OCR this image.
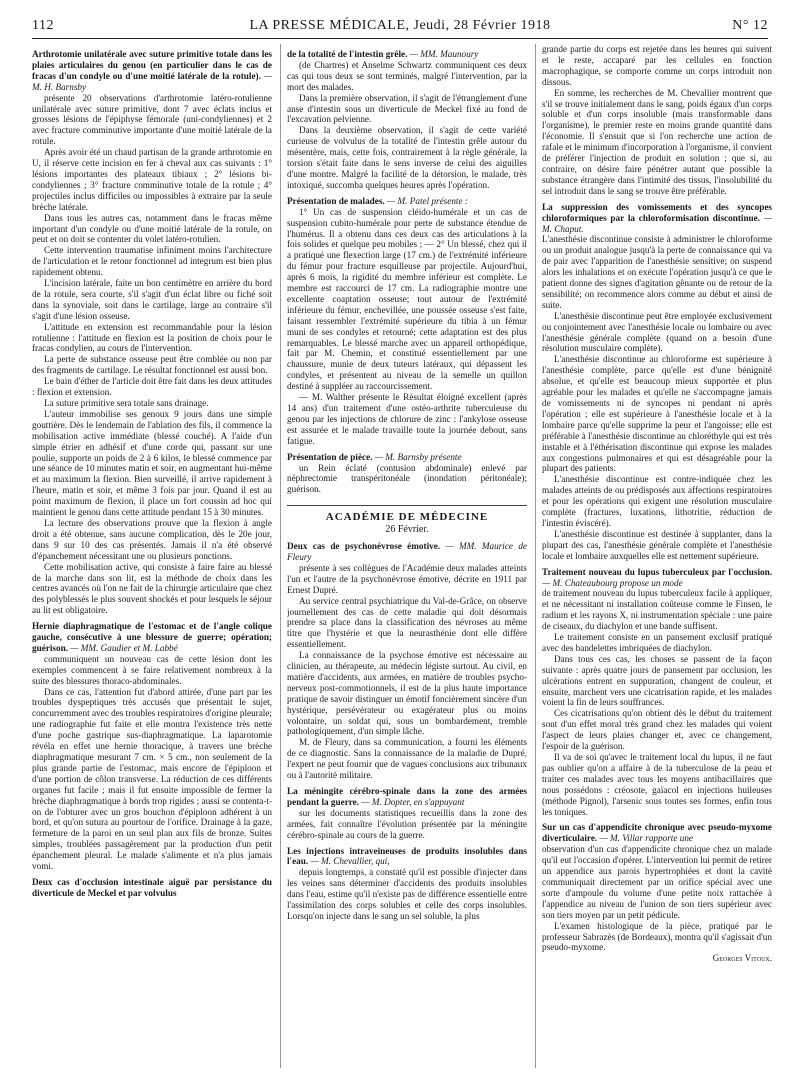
112	LA PRESSE MÉDICALE, Jeudi, 28 Février 1918	N° 12

Arthrotomie unilatérale avec suture primitive totale dans les plaies articulaires du genou (en particulier dans le cas de fracas d'un condyle ou d'une moitié latérale de la rotule). — M. H. Barnsby

présente 20 observations d'arthrotomie latéro-rotulienne unilatérale avec suture primitive, dont 7 avec éclats inclus et grosses lésions de l'épiphyse fémorale (uni-condyliennes) et 2 avec fracture comminutive importante d'une moitié latérale de la rotule.

Après avoir été un chaud partisan de la grande arthrotomie en U, il réserve cette incision en fer à cheval aux cas suivants : 1° lésions importantes des plateaux tibiaux ; 2° lésions bi-condyliennes ; 3° fracture comminutive totale de la rotule ; 4° projectiles inclus difficiles ou impossibles à extraire par la seule brèche latérale.

Dans tous les autres cas, notamment dans le fracas même important d'un condyle ou d'une moitié latérale de la rotule, on peut et on doit se contenter du volet latéro-rotulien.

Cette intervention traumatise infiniment moins l'architecture de l'articulation et le retour fonctionnel ad integrum est bien plus rapidement obtenu.

L'incision latérale, faite un bon centimètre en arrière du bord de la rotule, sera courte, s'il s'agit d'un éclat libre ou fiché soit dans la synoviale, soit dans le cartilage, large au contraire s'il s'agit d'une lésion osseuse.

L'attitude en extension est recommandable pour la lésion rotulienne : l'attitude en flexion est la position de choix pour le fracas condylien, au cours de l'intervention.

La perte de substance osseuse peut être comblée ou non par des fragments de cartilage. Le résultat fonctionnel est aussi bon.

Le bain d'éther de l'article doit être fait dans les deux attitudes : flexion et extension.

La suture primitive sera totale sans drainage.

L'auteur immobilise ses genoux 9 jours dans une simple gouttière. Dès le lendemain de l'ablation des fils, il commence la mobilisation active immédiate (blessé couché). A l'aide d'un simple étrier en adhésif et d'une corde qui, passant sur une poulie, supporte un poids de 2 à 6 kilos, le blessé commence par une séance de 10 minutes matin et soir, en augmentant hui-même et au maximum la flexion. Bien surveillé, il arrive rapidement à l'heure, matin et soir, et même 3 fois par jour. Quand il est au point maximum de flexion, il place un fort coussin ad hoc qui maintient le genou dans cette attitude pendant 15 à 30 minutes.

La lecture des observations prouve que la flexion à angle droit a été obtenue, sans aucune complication, dès le 20e jour, dans 9 sur 10 des cas présentés. Jamais il n'a été observé d'épanchement nécessitant une ou plusieurs ponctions.

Cette mobilisation active, qui consiste à faire faire au blessé de la marche dans son lit, est la méthode de choix dans les centres avancés où l'on ne fait de la chirurgie articulaire que chez des polyblessés le plus souvent shockés et pour lesquels le séjour au lit est obligatoire.

Hernie diaphragmatique de l'estomac et de l'angle colique gauche, consécutive à une blessure de guerre; opération; guérison. — MM. Gaudier et M. Labbé

communiquent un nouveau cas de cette lésion dont les exemples commencent à se faire relativement nombreux à la suite des blessures thoraco-abdominales.

Dans ce cas, l'attention fut d'abord attirée, d'une part par les troubles dyspeptiques très accusés que présentait le sujet, concurremment avec des troubles respiratoires d'origine pleurale; une radiographie fut faite et elle montra l'existence très nette d'une poche gastrique sus-diaphragmatique. La laparotomie révéla en effet une hernie thoracique, à travers une brèche diaphragmatique mesurant 7 cm. × 5 cm., non seulement de la plus grande partie de l'estomac, mais encore de l'épiploon et d'une portion de côlon transverse. La réduction de ces différents organes fut facile ; mais il fut ensuite impossible de fermer la brèche diaphragmatique à bords trop rigides ; aussi se contenta-t-on de l'obturer avec un gros bouchon d'épiploon adhérent à un bord, et qu'on sutura au pourtour de l'orifice. Drainage à la gaze, fermeture de la paroi en un seul plan aux fils de bronze. Suites simples, troublées passagèrement par la production d'un petit épanchement pleural. Le malade s'alimente et n'a plus jamais vomi.

Deux cas d'occlusion intestinale aiguë par persistance du diverticule de Meckel et par volvulus

de la totalité de l'intestin grêle. — MM. Maunoury

(de Chartres) et Anselme Schwartz communiquent ces deux cas qui tous deux se sont terminés, malgré l'intervention, par la mort des malades.

Dans la première observation, il s'agit de l'étranglement d'une anse d'intestin sous un diverticule de Meckel fixé au fond de l'excavation pelvienne.

Dans la deuxième observation, il s'agit de cette variété curieuse de volvulus de la totalité de l'intestin grêle autour du mésentère, mais, cette fois, contrairement à la règle générale, la torsion s'était faite dans le sens inverse de celui des aiguilles d'une montre. Malgré la facilité de la détorsion, le malade, très intoxiqué, succomba quelques heures après l'opération.

Présentation de malades. — M. Patel présente :

1° Un cas de suspension cléido-humérale et un cas de suspension cubito-humérale pour perte de substance étendue de l'humérus. Il a obtenu dans ces deux cas des articulations à la fois solides et quelque peu mobiles ; — 2° Un blessé, chez qui il a pratiqué une flexection large (17 cm.) de l'extrémité inférieure du fémur pour fracture esquilleuse par projectile. Aujourd'hui, après 6 mois, la rigidité du membre inférieur est complète. Le membre est raccourci de 17 cm. La radiographie montre une excellente coaptation osseuse; tout autour de l'extrémité inférieure du fémur, enchevillée, une poussée osseuse s'est faite, faisant ressembler l'extrémité supérieure du tibia à un fémur muni de ses condyles et retourné; cette adaptation est des plus remarquables. Le blessé marche avec un appareil orthopédique, fait par M. Chemin, et constitué essentiellement par une chaussure, munie de deux tuteurs latéraux, qui dépassent les condyles, et présentent au niveau de la semelle un quillon destiné à suppléer au raccourcissement.

— M. Walther présente le Résultat éloigné excellent (après 14 ans) d'un traitement d'une ostéo-arthrite tuberculeuse du genou par les injections de chlorure de zinc : l'ankylose osseuse est assurée et le malade travaille toute la journée debout, sans fatigue.

Présentation de pièce. — M. Barnsby présente

un Rein éclaté (contusion abdominale) enlevé par néphrectomie transpéritonéale (inondation péritonéale); guérison.

ACADÉMIE DE MÉDECINE
26 Février.

Deux cas de psychonévrose émotive. — MM. Maurice de Fleury

présente à ses collègues de l'Académie deux malades atteints l'un et l'autre de la psychonévrose émotive, décrite en 1911 par Ernest Dupré.

Au service central psychiatrique du Val-de-Grâce, on observe journellement des cas de cette maladie qui doit désormais prendre sa place dans la classification des névroses au même titre que l'hystérie et que la neurasthénie dont elle diffère essentiellement.

La connaissance de la psychose émotive est nécessaire au clinicien, au thérapeute, au médecin légiste surtout. Au civil, en matière d'accidents, aux armées, en matière de troubles psycho-nerveux post-commotionnels, il est de la plus haute importance pratique de savoir distinguer un émotif foncièrement sincère d'un hystérique, persévérateur ou exagérateur plus ou moins volontaire, un soldat qui, sous un bombardement, tremble pathologiquement, d'un simple lâche.

M. de Fleury, dans sa communication, a fourni les éléments de ce diagnostic. Sans la connaissance de la maladie de Dupré, l'expert ne peut fournir que de vagues conclusions aux tribunaux ou à l'autorité militaire.

La méningite cérébro-spinale dans la zone des armées pendant la guerre. — M. Dopter, en s'appuyant

sur les documents statistiques recueillis dans la zone des armées, fait connaître l'évolution présentée par la méningite cérébro-spinale au cours de la guerre.

Les injections intraveineuses de produits insolubles dans l'eau. — M. Chevallier, qui,

depuis longtemps, a constaté qu'il est possible d'injecter dans les veines sans déterminer d'accidents des produits insolubles dans l'eau, estime qu'il n'existe pas de différence essentielle entre l'assimilation des corps solubles et celle des corps insolubles. Lorsqu'on injecte dans le sang un sel soluble, la plus

grande partie du corps est rejetée dans les heures qui suivent et le reste, accaparé par les cellules en fonction macrophagique, se comporte comme un corps introduit non dissous.

En somme, les recherches de M. Chevallier montrent que s'il se trouve initialement dans le sang, poids égaux d'un corps soluble et d'un corps insoluble (mais transformable dans l'organisme), le premier reste en moins grande quantité dans l'économie. Il s'ensuit que si l'on recherche une action de rafale et le minimum d'incorporation à l'organisme, il convient de préférer l'injection de produit en solution ; que si, au contraire, on désire faire pénétrer autant que possible la substance étrangère dans l'intimité des tissus, l'insolubilité du sel introduit dans le sang se trouve être préférable.

La suppression des vomissements et des syncopes chloroformiques par la chloroformisation discontinue. — M. Chaput.

L'anesthésie discontinue consiste à administrer le chloroforme ou un produit analogue jusqu'à la perte de connaissance qui va de pair avec l'apparition de l'anesthésie sensitive; on suspend alors les inhalations et on exécute l'opération jusqu'à ce que le patient donne des signes d'agitation gênante ou de retour de la sensibilité; on recommence alors comme au début et ainsi de suite.

L'anesthésie discontinue peut être employée exclusivement ou conjointement avec l'anesthésie locale ou lombaire ou avec l'anesthésie générale complète (quand on a besoin d'une résolution musculaire complète).

L'anesthésie discontinue au chloroforme est supérieure à l'anesthésie complète, parce qu'elle est d'une bénignité absolue, et qu'elle est beaucoup mieux supportée et plus agréable pour les malades et qu'elle ne s'accompagne jamais de vomissements ni de syncopes ni pendant ni après l'opération ; elle est supérieure à l'anesthésie locale et à la lombaire parce qu'elle supprime la peur et l'angoisse; elle est préférable à l'anesthésie discontinue au chloréthyle qui est très instable et à l'éthérisation discontinue qui expose les malades aux congestions pulmonaires et qui est désagréable pour la plupart des patients.

L'anesthésie discontinue est contre-indiquée chez les malades atteints de ou prédisposés aux affections respiratoires et pour les opérations qui exigent une résolution musculaire complète (fractures, luxations, lithotritie, réduction de l'intestin éviscéré).

L'anesthésie discontinue est destinée à supplanter, dans la plupart des cas, l'anesthésie générale complète et l'anesthésie locale et lombaire auxquelles elle est nettement supérieure.

Traitement nouveau du lupus tuberculeux par l'occlusion. — M. Chateaubourg propose un mode

de traitement nouveau du lupus tuberculeux facile à appliquer, et ne nécessitant ni installation coûteuse comme le Finsen, le radium et les rayons X, ni instrumentation spéciale : une paire de ciseaux, du diachylon et une bande suffisent.

Le traitement consiste en un pansement exclusif pratiqué avec des bandelettes imbriquées de diachylon.

Dans tous ces cas, les choses se passent de la façon suivante : après quatre jours de pansement par occlusion, les ulcérations entrent en suppuration, changent de couleur, et ensuite, marchent vers une cicatrisation rapide, et les malades voient la fin de leurs souffrances.

Ces cicatrisations qu'on obtient dès le début du traitement sont d'un effet moral très grand chez les malades qui voient l'aspect de leurs plaies changer et, avec ce changement, l'espoir de la guérison.

Il va de soi qu'avec le traitement local du lupus, il ne faut pas oublier qu'on a affaire à de la tuberculose de la peau et traiter ces malades avec tous les moyens antibacillaires que nous possédons : créosote, gaïacol en injections huileuses (méthode Pignol), l'arsenic sous toutes ses formes, enfin tous les toniques.

Sur un cas d'appendicite chronique avec pseudo-myxome diverticulaire. — M. Villar rapporte une

observation d'un cas d'appendicite chronique chez un malade qu'il eut l'occasion d'opérer. L'intervention lui permit de retirer un appendice aux parois hypertrophiées et dont la cavité communiquait directement par un orifice spécial avec une sorte d'ampoule du volume d'une petite noix rattachée à l'appendice au niveau de l'union de son tiers supérieur avec son tiers moyen par un petit pédicule.

L'examen histologique de la pièce, pratiqué par le professeur Sabrazès (de Bordeaux), montra qu'il s'agissait d'un pseudo-myxome.

Georges Vitoux.
